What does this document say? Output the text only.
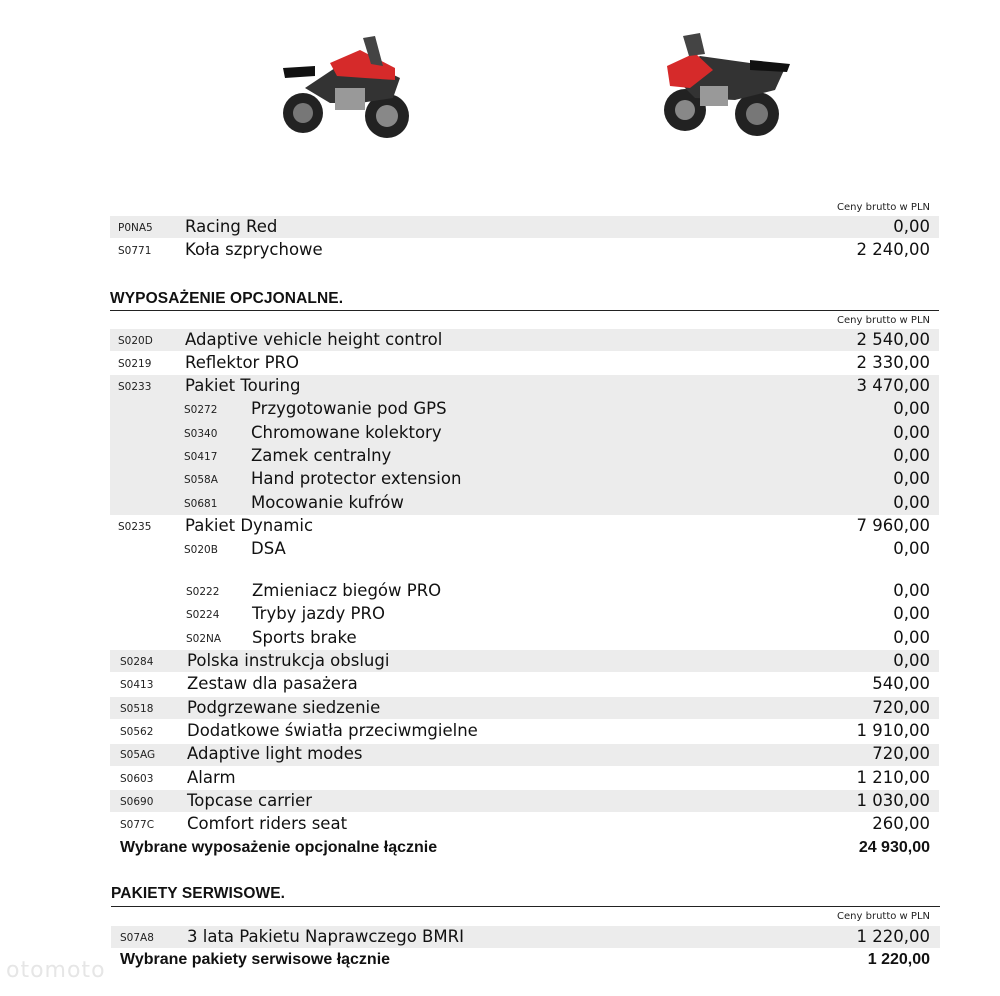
Ceny brutto w PLN
P0NA5 Racing Red	0,00
S0771 Koła szprychowe	2 240,00
WYPOSAŻENIE OPCJONALNE.
Ceny brutto w PLN
S020D Adaptive vehicle height control	2 540,00
S0219 Reflektor PRO	2 330,00
S0233 Pakiet Touring	3 470,00
S0272 Przygotowanie pod GPS	0,00
S0340 Chromowane kolektory	0,00
S0417 Zamek centralny	0,00
S058A Hand protector extension	0,00
S0681 Mocowanie kufrów	0,00
S0235 Pakiet Dynamic	7 960,00
S020B DSA	0,00
S0222 Zmieniacz biegów PRO	0,00
S0224 Tryby jazdy PRO	0,00
S02NA Sports brake	0,00
S0284 Polska instrukcja obslugi	0,00
S0413 Zestaw dla pasażera	540,00
S0518 Podgrzewane siedzenie	720,00
S0562 Dodatkowe światła przeciwmgielne	1 910,00
S05AG Adaptive light modes	720,00
S0603 Alarm	1 210,00
S0690 Topcase carrier	1 030,00
S077C Comfort riders seat	260,00
Wybrane wyposażenie opcjonalne łącznie	24 930,00
PAKIETY SERWISOWE.
Ceny brutto w PLN
S07A8 3 lata Pakietu Naprawczego BMRI	1 220,00
Wybrane pakiety serwisowe łącznie	1 220,00
otomoto
